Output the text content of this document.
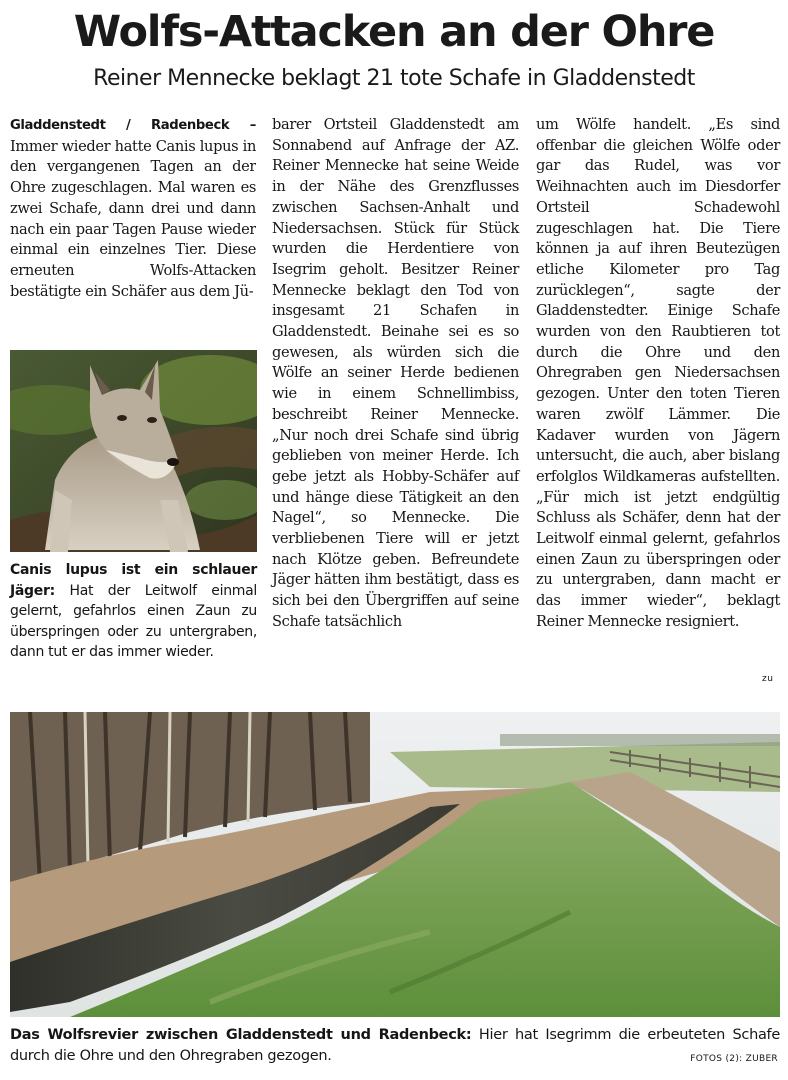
Wolfs-Attacken an der Ohre
Reiner Mennecke beklagt 21 tote Schafe in Gladdenstedt

Gladdenstedt / Radenbeck – Immer wieder hatte Canis lupus in den vergangenen Tagen an der Ohre zugeschlagen. Mal waren es zwei Schafe, dann drei und dann nach ein paar Tagen Pause wieder einmal ein einzelnes Tier. Diese erneuten Wolfs-Attacken bestätigte ein Schäfer aus dem Jü-

Canis lupus ist ein schlauer Jäger: Hat der Leitwolf einmal gelernt, gefahrlos einen Zaun zu überspringen oder zu untergraben, dann tut er das immer wieder.

barer Ortsteil Gladdenstedt am Sonnabend auf Anfrage der AZ. Reiner Mennecke hat seine Weide in der Nähe des Grenzflusses zwischen Sachsen-Anhalt und Niedersachsen. Stück für Stück wurden die Herdentiere von Isegrim geholt. Besitzer Reiner Mennecke beklagt den Tod von insgesamt 21 Schafen in Gladdenstedt. Beinahe sei es so gewesen, als würden sich die Wölfe an seiner Herde bedienen wie in einem Schnellimbiss, beschreibt Reiner Mennecke. „Nur noch drei Schafe sind übrig geblieben von meiner Herde. Ich gebe jetzt als Hobby-Schäfer auf und hänge diese Tätigkeit an den Nagel“, so Mennecke. Die verbliebenen Tiere will er jetzt nach Klötze geben. Befreundete Jäger hätten ihm bestätigt, dass es sich bei den Übergriffen auf seine Schafe tatsächlich

um Wölfe handelt. „Es sind offenbar die gleichen Wölfe oder gar das Rudel, was vor Weihnachten auch im Diesdorfer Ortsteil Schadewohl zugeschlagen hat. Die Tiere können ja auf ihren Beutezügen etliche Kilometer pro Tag zurücklegen“, sagte der Gladdenstedter. Einige Schafe wurden von den Raubtieren tot durch die Ohre und den Ohregraben gen Niedersachsen gezogen. Unter den toten Tieren waren zwölf Lämmer. Die Kadaver wurden von Jägern untersucht, die auch, aber bislang erfolglos Wildkameras aufstellten. „Für mich ist jetzt endgültig Schluss als Schäfer, denn hat der Leitwolf einmal gelernt, gefahrlos einen Zaun zu überspringen oder zu untergraben, dann macht er das immer wieder“, beklagt Reiner Mennecke resigniert.

zu

Das Wolfsrevier zwischen Gladdenstedt und Radenbeck: Hier hat Isegrimm die erbeuteten Schafe durch die Ohre und den Ohregraben gezogen.	FOTOS (2): ZUBER
